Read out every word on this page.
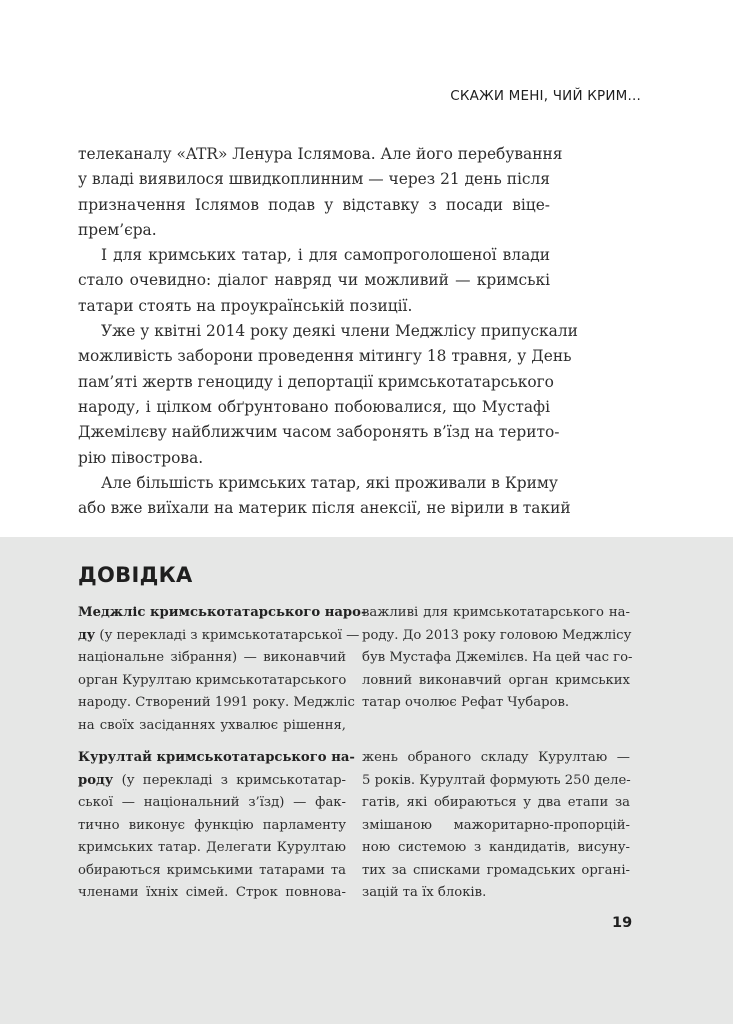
СКАЖИ МЕНІ, ЧИЙ КРИМ...

телеканалу «ATR» Ленура Іслямова. Але його перебування
у владі виявилося швидкоплинним — через 21 день після
призначення Іслямов подав у відставку з посади віце-
прем’єра.

І для кримських татар, і для самопроголошеної влади
стало очевидно: діалог навряд чи можливий — кримські
татари стоять на проукраїнській позиції.

Уже у квітні 2014 року деякі члени Меджлісу припускали
можливість заборони проведення мітингу 18 травня, у День
пам’яті жертв геноциду і депортації кримськотатарського
народу, і цілком обґрунтовано побоювалися, що Мустафі
Джемілєву найближчим часом заборонять в’їзд на терито-
рію півострова.

Але більшість кримських татар, які проживали в Криму
або вже виїхали на материк після анексії, не вірили в такий

ДОВІДКА
Меджліс кримськотатарського наро-
ду (у перекладі з кримськотатарської —
національне зібрання) — виконавчий
орган Курултаю кримськотатарського
народу. Створений 1991 року. Меджліс
на своїх засіданнях ухвалює рішення,
важливі для кримськотатарського на-
роду. До 2013 року головою Меджлісу
був Мустафа Джемілєв. На цей час го-
ловний виконавчий орган кримських
татар очолює Рефат Чубаров.
Курултай кримськотатарського на-
роду (у перекладі з кримськотатар-
ської — національний з’їзд) — фак-
тично виконує функцію парламенту
кримських татар. Делегати Курултаю
обираються кримськими татарами та
членами їхніх сімей. Строк повнова-
жень обраного складу Курултаю —
5 років. Курултай формують 250 деле-
гатів, які обираються у два етапи за
змішаною мажоритарно-пропорцій-
ною системою з кандидатів, висуну-
тих за списками громадських органі-
зацій та їх блоків.
19
